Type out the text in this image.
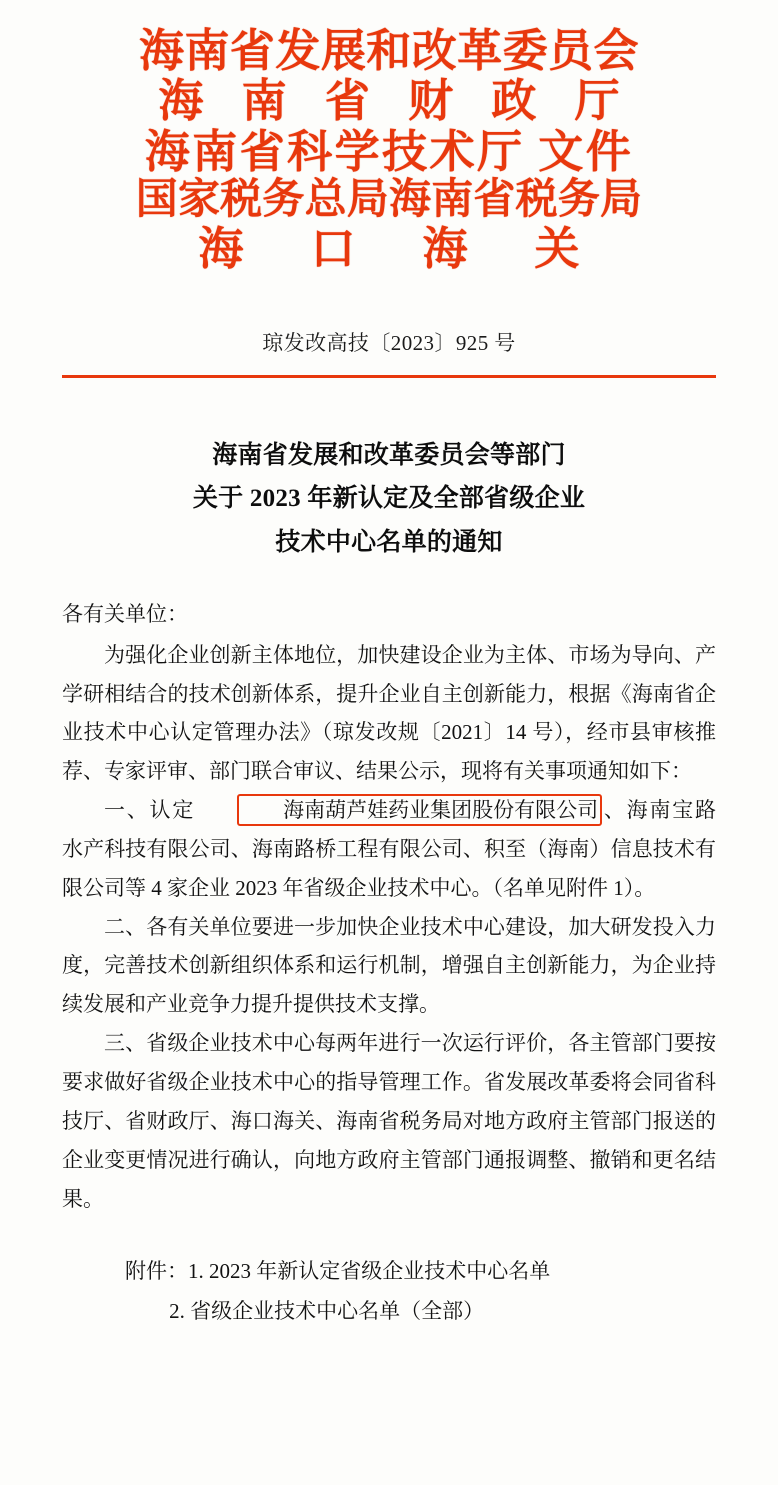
海南省发展和改革委员会
海 南 省 财 政 厅
海南省科学技术厅 文件
国家税务总局海南省税务局
海 口 海 关
琼发改高技〔2023〕925 号
海南省发展和改革委员会等部门
关于 2023 年新认定及全部省级企业
技术中心名单的通知

各有关单位：

为强化企业创新主体地位，加快建设企业为主体、市场为导向、产学研相结合的技术创新体系，提升企业自主创新能力，根据《海南省企业技术中心认定管理办法》（琼发改规〔2021〕14 号），经市县审核推荐、专家评审、部门联合审议、结果公示，现将有关事项通知如下：

一、认定	海南葫芦娃药业集团股份有限公司 、海南宝路水产科技有限公司、海南路桥工程有限公司、积至（海南）信息技术有限公司等 4 家企业 2023 年省级企业技术中心。（名单见附件 1）。

二、各有关单位要进一步加快企业技术中心建设，加大研发投入力度，完善技术创新组织体系和运行机制，增强自主创新能力，为企业持续发展和产业竞争力提升提供技术支撑。

三、省级企业技术中心每两年进行一次运行评价，各主管部门要按要求做好省级企业技术中心的指导管理工作。省发展改革委将会同省科技厅、省财政厅、海口海关、海南省税务局对地方政府主管部门报送的企业变更情况进行确认，向地方政府主管部门通报调整、撤销和更名结果。

附件：1. 2023 年新认定省级企业技术中心名单
2. 省级企业技术中心名单（全部）
